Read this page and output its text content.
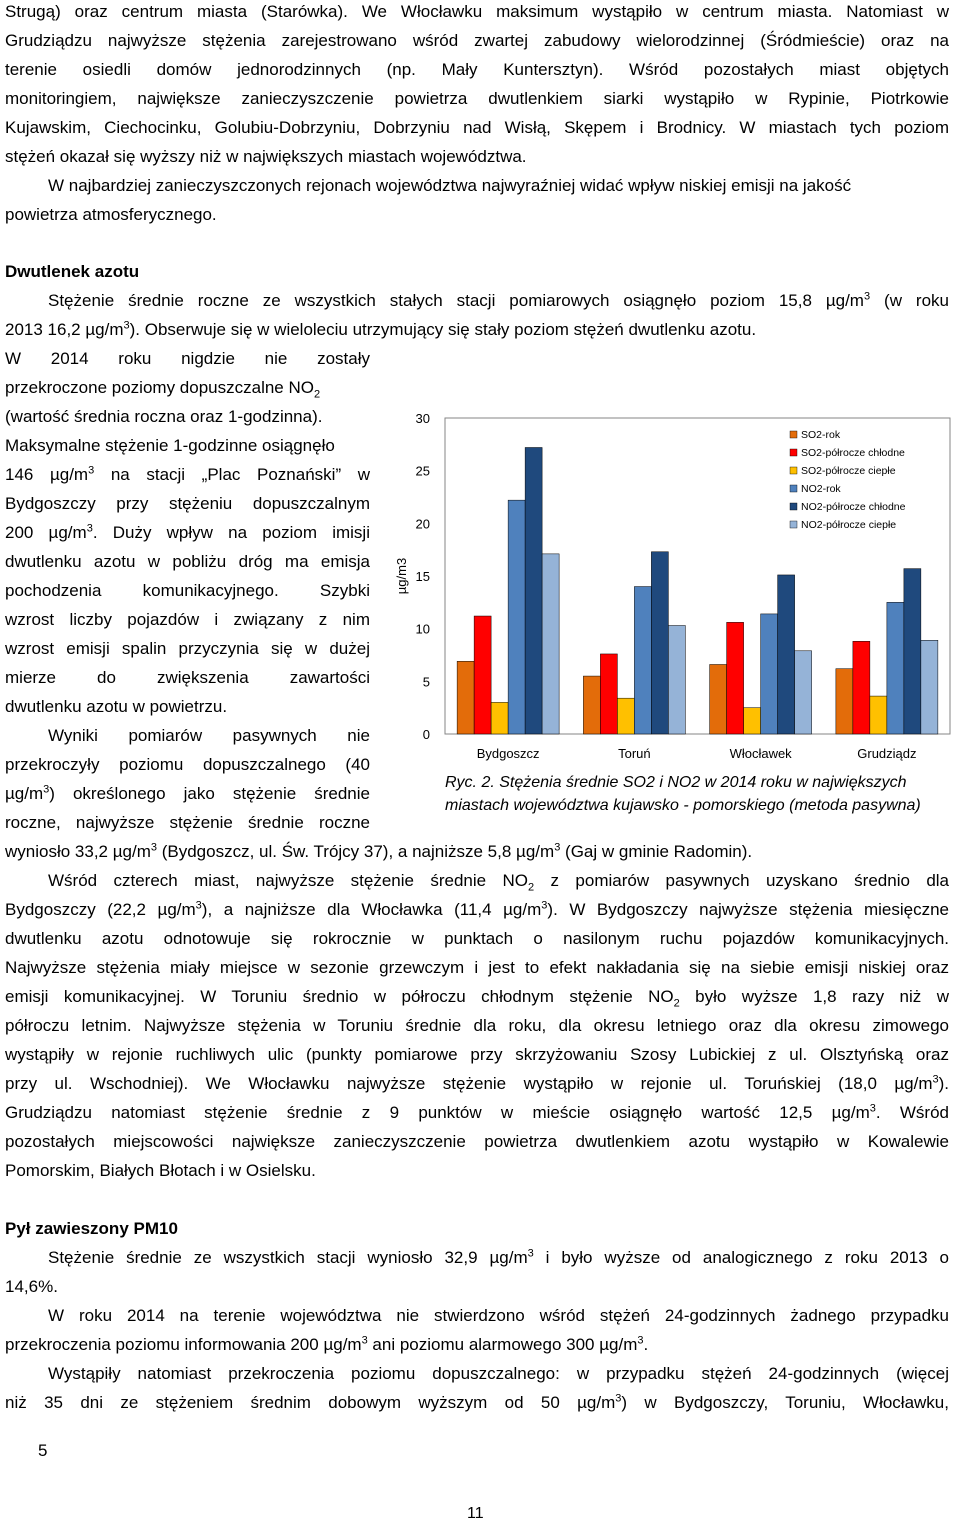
Strugą) oraz centrum miasta (Starówka). We Włocławku maksimum wystąpiło w centrum miasta. Natomiast w

Grudziądzu najwyższe stężenia zarejestrowano wśród zwartej zabudowy wielorodzinnej (Śródmieście) oraz na

terenie osiedli domów jednorodzinnych (np. Mały Kuntersztyn). Wśród pozostałych miast objętych

monitoringiem, największe zanieczyszczenie powietrza dwutlenkiem siarki wystąpiło w Rypinie, Piotrkowie

Kujawskim, Ciechocinku, Golubiu-Dobrzyniu, Dobrzyniu nad Wisłą, Skępem i Brodnicy. W miastach tych poziom

stężeń okazał się wyższy niż w największych miastach województwa.

W najbardziej zanieczyszczonych rejonach województwa najwyraźniej widać wpływ niskiej emisji na jakość

powietrza atmosferycznego.

Dwutlenek azotu

Stężenie średnie roczne ze wszystkich stałych stacji pomiarowych osiągnęło poziom 15,8 $\mu g/m^3$ (w roku

2013 16,2 $\mu g/m^3$). Obserwuje się w wieloleciu utrzymujący się stały poziom stężeń dwutlenku azotu.

W 2014 roku nigdzie nie zostały

przekroczone poziomy dopuszczalne $NO_2$

(wartość średnia roczna oraz 1-godzinna).

Maksymalne stężenie 1-godzinne osiągnęło

146 $\mu g/m^3$ na stacji „Plac Poznański” w

Bydgoszczy przy stężeniu dopuszczalnym

200 $\mu g/m^3$. Duży wpływ na poziom imisji

dwutlenku azotu w pobliżu dróg ma emisja

pochodzenia komunikacyjnego. Szybki

wzrost liczby pojazdów i związany z nim

wzrost emisji spalin przyczynia się w dużej

mierze do zwiększenia zawartości

dwutlenku azotu w powietrzu.

Wyniki pomiarów pasywnych nie

przekroczyły poziomu dopuszczalnego (40

$\mu g/m^3$) określonego jako stężenie średnie

roczne, najwyższe stężenie średnie roczne

0
5
10
15
20
25
30
µg/m3
Bydgoszcz	Toruń	Włocławek	Grudziądz
SO2-rok
SO2-półrocze chłodne
SO2-półrocze ciepłe
NO2-rok
NO2-półrocze chłodne
NO2-półrocze ciepłe

Ryc. 2. Stężenia średnie SO2 i NO2 w 2014 roku w największych

miastach województwa kujawsko - pomorskiego (metoda pasywna)

wyniosło 33,2 $\mu g/m^3$ (Bydgoszcz, ul. Św. Trójcy 37), a najniższe 5,8 $\mu g/m^3$ (Gaj w gminie Radomin).

Wśród czterech miast, najwyższe stężenie średnie $NO_2$ z pomiarów pasywnych uzyskano średnio dla

Bydgoszczy (22,2 $\mu g/m^3$), a najniższe dla Włocławka (11,4 $\mu g/m^3$). W Bydgoszczy najwyższe stężenia miesięczne

dwutlenku azotu odnotowuje się rokrocznie w punktach o nasilonym ruchu pojazdów komunikacyjnych.

Najwyższe stężenia miały miejsce w sezonie grzewczym i jest to efekt nakładania się na siebie emisji niskiej oraz

emisji komunikacyjnej. W Toruniu średnio w półroczu chłodnym stężenie $NO_2$ było wyższe 1,8 razy niż w

półroczu letnim. Najwyższe stężenia w Toruniu średnie dla roku, dla okresu letniego oraz dla okresu zimowego

wystąpiły w rejonie ruchliwych ulic (punkty pomiarowe przy skrzyżowaniu Szosy Lubickiej z ul. Olsztyńską oraz

przy ul. Wschodniej). We Włocławku najwyższe stężenie wystąpiło w rejonie ul. Toruńskiej (18,0 $\mu g/m^3$).

Grudziądzu natomiast stężenie średnie z 9 punktów w mieście osiągnęło wartość 12,5 $\mu g/m^3$. Wśród

pozostałych miejscowości największe zanieczyszczenie powietrza dwutlenkiem azotu wystąpiło w Kowalewie

Pomorskim, Białych Błotach i w Osielsku.

Pył zawieszony PM10

Stężenie średnie ze wszystkich stacji wyniosło 32,9 $\mu g/m^3$ i było wyższe od analogicznego z roku 2013 o

14,6%.

W roku 2014 na terenie województwa nie stwierdzono wśród stężeń 24-godzinnych żadnego przypadku

przekroczenia poziomu informowania 200 $\mu g/m^3$ ani poziomu alarmowego 300 $\mu g/m^3$.

Wystąpiły natomiast przekroczenia poziomu dopuszczalnego: w przypadku stężeń 24-godzinnych (więcej

niż 35 dni ze stężeniem średnim dobowym wyższym od 50 $\mu g/m^3$) w Bydgoszczy, Toruniu, Włocławku,

5
11
